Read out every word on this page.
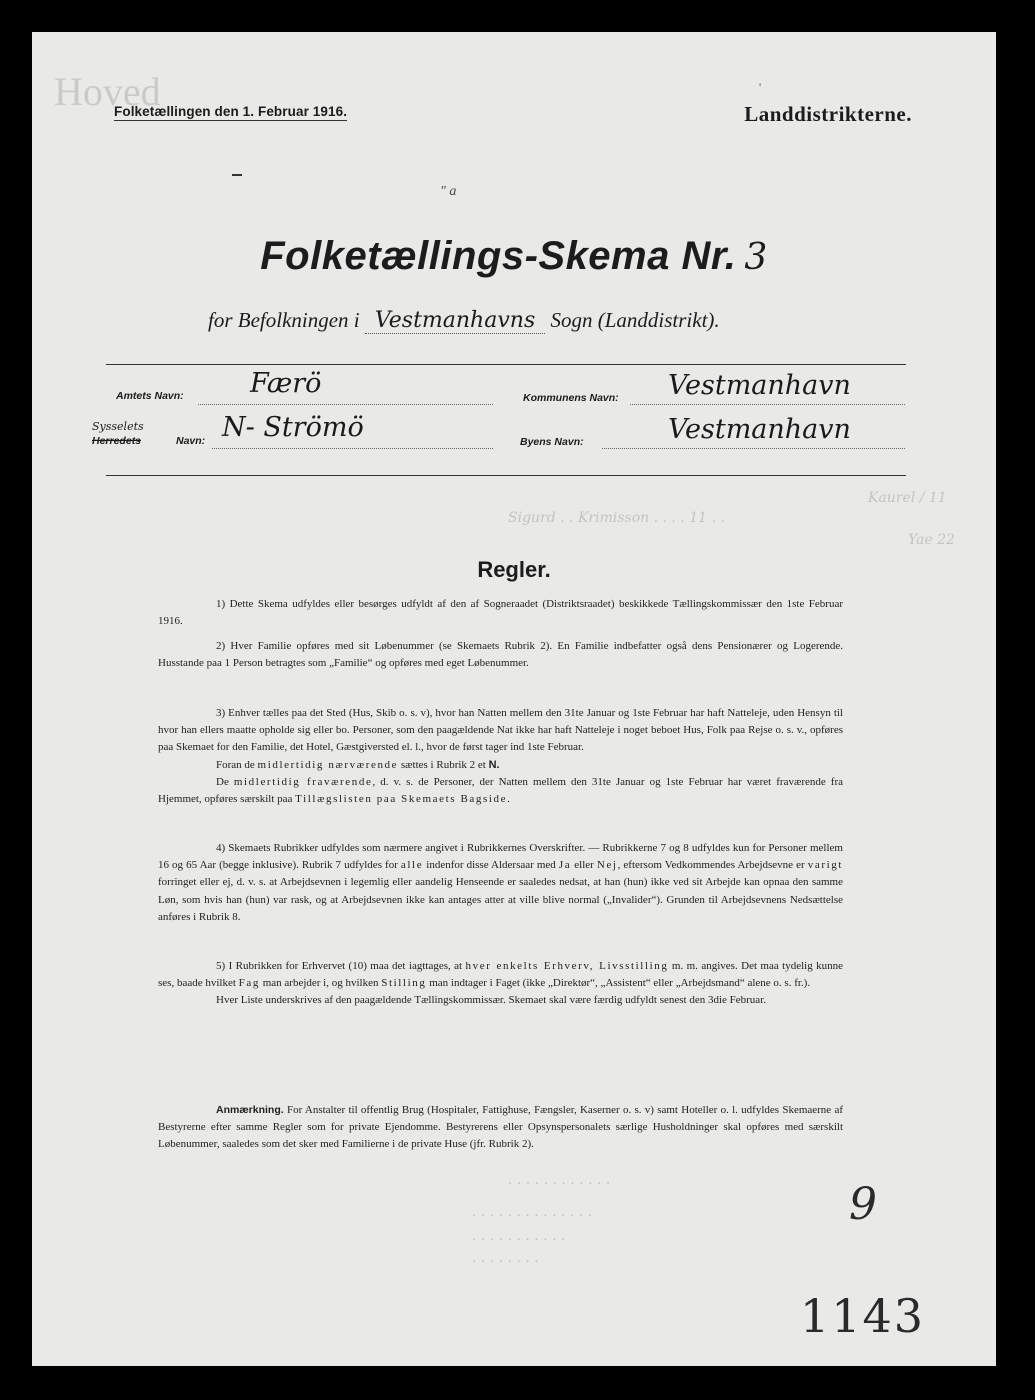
Hoved	'
Folketællingen den 1. Februar 1916.	Landdistrikterne.
" a
Folketællings-Skema Nr. 3
for Befolkningen i Vestmanhavns Sogn (Landdistrikt).
Amtets Navn: Færö	Kommunens Navn: Vestmanhavn
Sysselets
Herredets	Navn: N- Strömö	Byens Navn:	Vestmanhavn
Kaurel / 11
Sigurd . . Krimisson . . . . 11 . .
Yae 22
. . . . . . . . . . . .
Regler.

1) Dette Skema udfyldes eller besørges udfyldt af den af Sogneraadet (Distriktsraadet) beskikkede Tællingskommissær den 1ste Februar 1916.

2) Hver Familie opføres med sit Løbenummer (se Skemaets Rubrik 2). En Familie indbefatter også dens Pensionærer og Logerende. Husstande paa 1 Person betragtes som „Familie“ og opføres med eget Løbenummer.

3) Enhver tælles paa det Sted (Hus, Skib o. s. v), hvor han Natten mellem den 31te Januar og 1ste Februar har haft Natteleje, uden Hensyn til hvor han ellers maatte opholde sig eller bo. Personer, som den paagældende Nat ikke har haft Natteleje i noget beboet Hus, Folk paa Rejse o. s. v., opføres paa Skemaet for den Familie, det Hotel, Gæstgiversted el. l., hvor de først tager ind 1ste Februar.

Foran de midlertidig nærværende sættes i Rubrik 2 et N.

De midlertidig fraværende, d. v. s. de Personer, der Natten mellem den 31te Januar og 1ste Februar har været fraværende fra Hjemmet, opføres særskilt paa Tillægslisten paa Skemaets Bagside.

4) Skemaets Rubrikker udfyldes som nærmere angivet i Rubrikkernes Overskrifter. — Rubrikkerne 7 og 8 udfyldes kun for Personer mellem 16 og 65 Aar (begge inklusive). Rubrik 7 udfyldes for alle indenfor disse Aldersaar med Ja eller Nej, eftersom Vedkommendes Arbejdsevne er varigt forringet eller ej, d. v. s. at Arbejdsevnen i legemlig eller aandelig Henseende er saaledes nedsat, at han (hun) ikke ved sit Arbejde kan opnaa den samme Løn, som hvis han (hun) var rask, og at Arbejdsevnen ikke kan antages atter at ville blive normal („Invalider“). Grunden til Arbejdsevnens Nedsættelse anføres i Rubrik 8.

5) I Rubrikken for Erhvervet (10) maa det iagttages, at hver enkelts Erhverv, Livsstilling m. m. angives. Det maa tydelig kunne ses, baade hvilket Fag man arbejder i, og hvilken Stilling man indtager i Faget (ikke „Direktør“, „Assistent“ eller „Arbejdsmand“ alene o. s. fr.).

Hver Liste underskrives af den paagældende Tællingskommissær. Skemaet skal være færdig udfyldt senest den 3die Februar.

Anmærkning. For Anstalter til offentlig Brug (Hospitaler, Fattighuse, Fængsler, Kaserner o. s. v) samt Hoteller o. l. udfyldes Skemaerne af Bestyrerne efter samme Regler som for private Ejendomme. Bestyrerens eller Opsynspersonalets særlige Husholdninger skal opføres med særskilt Løbenummer, saaledes som det sker med Familierne i de private Huse (jfr. Rubrik 2).

. . . . . . . . . . . . . .
. . . . . . . . . . .
. . . . . . . .
9
1143
